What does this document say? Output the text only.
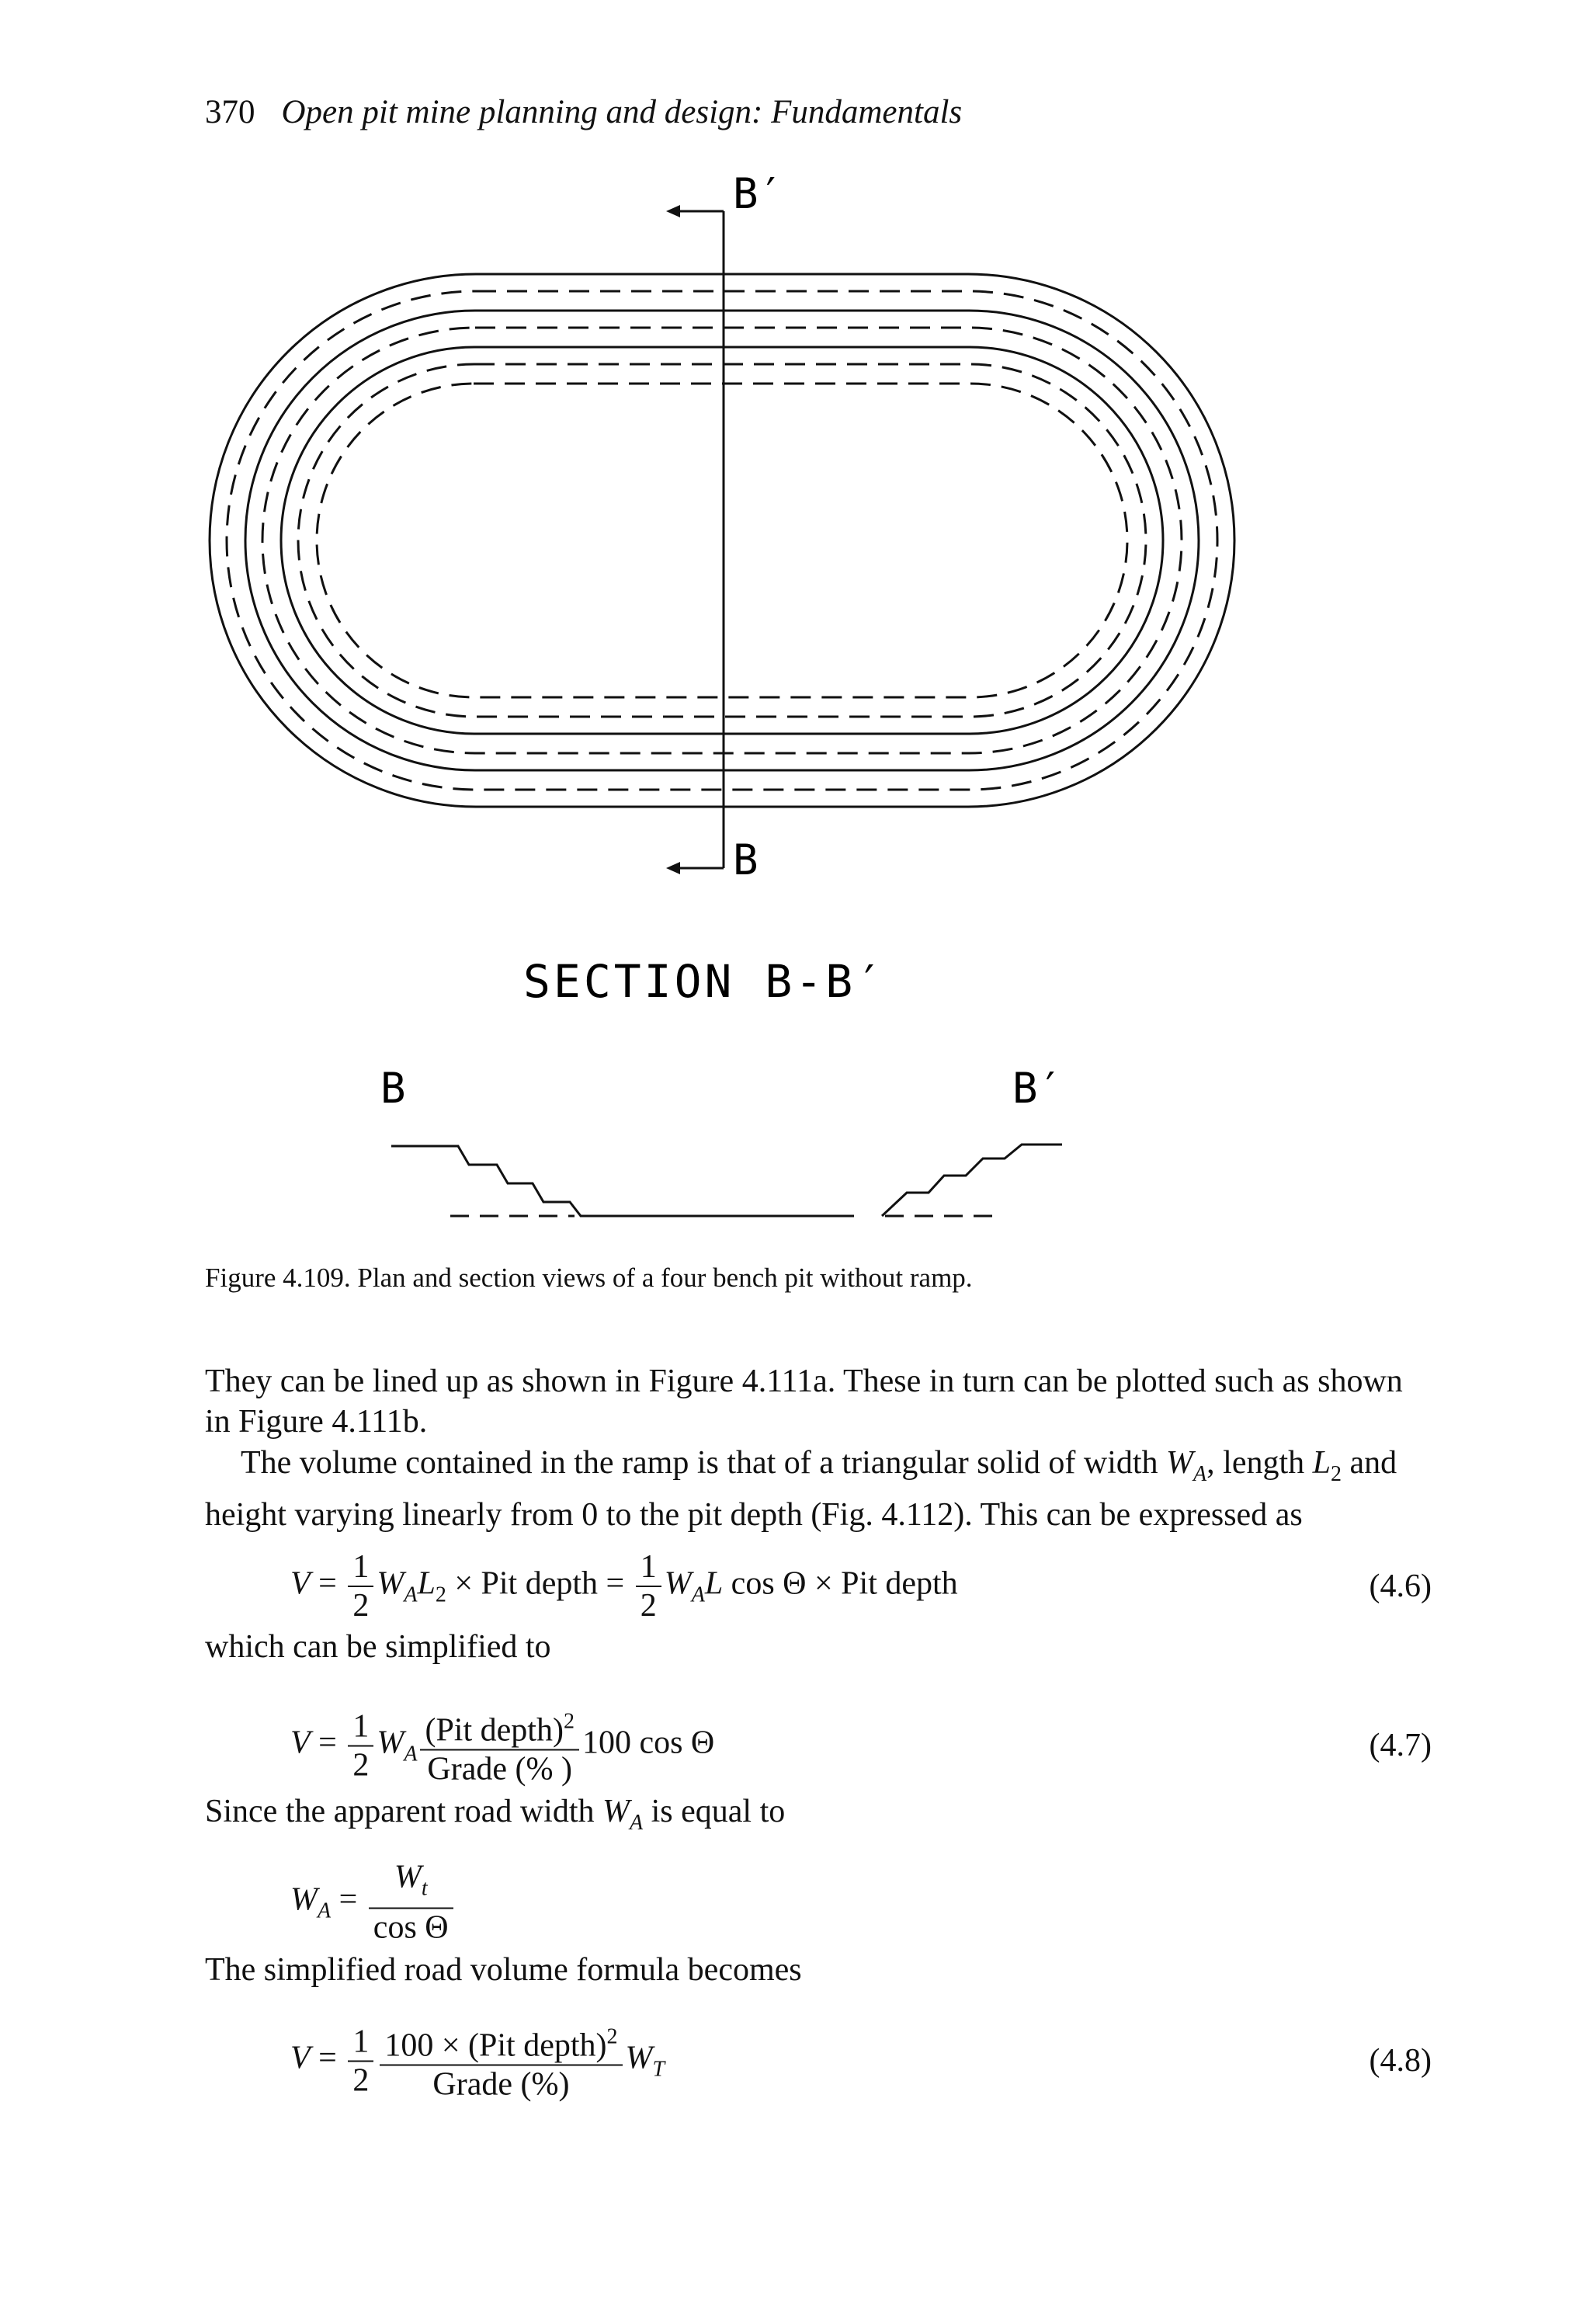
370 Open pit mine planning and design: Fundamentals
B′
B
SECTION B-B′
B	B′
Figure 4.109. Plan and section views of a four bench pit without ramp.
They can be lined up as shown in Figure 4.111a. These in turn can be plotted such as shown in Figure 4.111b.
The volume contained in the ramp is that of a triangular solid of width $W_A$, length $L_2$ and height varying linearly from 0 to the pit depth (Fig. 4.112). This can be expressed as
$V = \frac{1}{2} W_AL_2$ × Pit depth = $\frac{1}{2} W_AL$ cos Θ × Pit depth	(4.6)
which can be simplified to
$V = \frac{1}{2} W_A \frac{(Pit depth)^2}{\text{Grade (\% )}} 100$ cos Θ	(4.7)
Since the apparent road width $W_A$ is equal to
$W_A = \frac{W_t}{\text{cos Θ}}$
The simplified road volume formula becomes
$V = \frac{1}{2} \frac{100 \times (Pit depth)^2}{\text{Grade (\%)}} W_T$	(4.8)
